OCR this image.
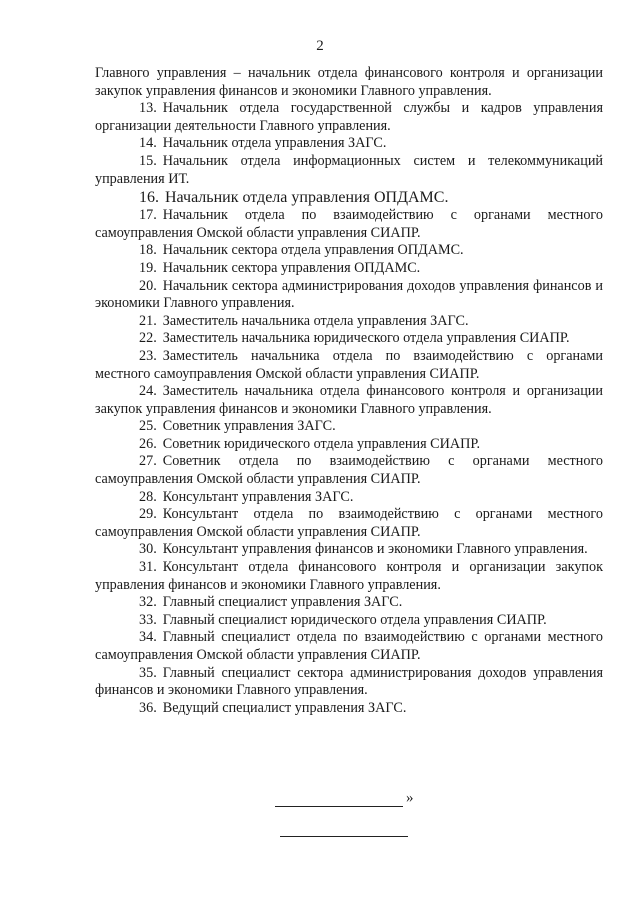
2

Главного управления – начальник отдела финансового контроля и организации закупок управления финансов и экономики Главного управления.

13. Начальник отдела государственной службы и кадров управления организации деятельности Главного управления.

14. Начальник отдела управления ЗАГС.

15. Начальник отдела информационных систем и телекоммуникаций управления ИТ.

16. Начальник отдела управления ОПДАМС.

17. Начальник отдела по взаимодействию с органами местного самоуправления Омской области управления СИАПР.

18. Начальник сектора отдела управления ОПДАМС.

19. Начальник сектора управления ОПДАМС.

20. Начальник сектора администрирования доходов управления финансов и экономики Главного управления.

21. Заместитель начальника отдела управления ЗАГС.

22. Заместитель начальника юридического отдела управления СИАПР.

23. Заместитель начальника отдела по взаимодействию с органами местного самоуправления Омской области управления СИАПР.

24. Заместитель начальника отдела финансового контроля и организации закупок управления финансов и экономики Главного управления.

25. Советник управления ЗАГС.

26. Советник юридического отдела управления СИАПР.

27. Советник отдела по взаимодействию с органами местного самоуправления Омской области управления СИАПР.

28. Консультант управления ЗАГС.

29. Консультант отдела по взаимодействию с органами местного самоуправления Омской области управления СИАПР.

30. Консультант управления финансов и экономики Главного управления.

31. Консультант отдела финансового контроля и организации закупок управления финансов и экономики Главного управления.

32. Главный специалист управления ЗАГС.

33. Главный специалист юридического отдела управления СИАПР.

34. Главный специалист отдела по взаимодействию с органами местного самоуправления Омской области управления СИАПР.

35. Главный специалист сектора администрирования доходов управления финансов и экономики Главного управления.

36. Ведущий специалист управления ЗАГС.

»
